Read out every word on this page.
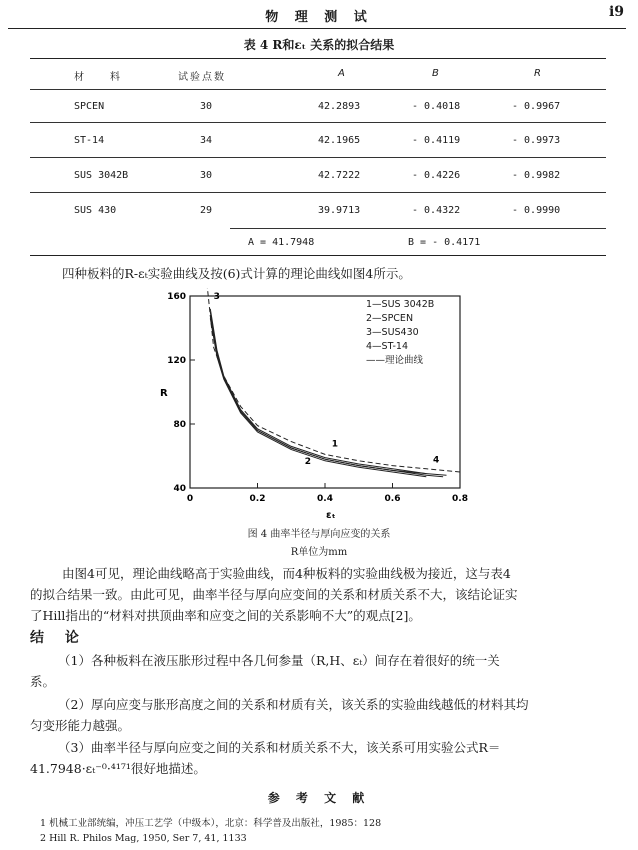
物 理 测 试	i9
表 4 R和εₜ 关系的拟合结果
材　料	试验点数	A	B	R
SPCEN	30	42.2893	- 0.4018	- 0.9967
ST-14	34	42.1965	- 0.4119	- 0.9973
SUS 3042B	30	42.7222	- 0.4226	- 0.9982
SUS 430	29	39.9713	- 0.4322	- 0.9990
A = 41.7948	B = - 0.4171
四种板料的R-εₜ实验曲线及按(6)式计算的理论曲线如图4所示。
0	0.2	0.4	0.6	0.8
40
80
120
160
1
2
3
4
R
εₜ
1—SUS 3042B
2—SPCEN
3—SUS430
4—ST-14
——理论曲线
图 4 曲率半径与厚向应变的关系
R单位为mm
由图4可见，理论曲线略高于实验曲线，而4种板料的实验曲线极为接近，这与表4
的拟合结果一致。由此可见，曲率半径与厚向应变间的关系和材质关系不大，该结论证实
了Hill指出的“材料对拱顶曲率和应变之间的关系影响不大”的观点[2]。
结 论
（1）各种板料在液压胀形过程中各几何参量（R,H、εₜ）间存在着很好的统一关
系。
（2）厚向应变与胀形高度之间的关系和材质有关，该关系的实验曲线越低的材料其均
匀变形能力越强。
（3）曲率半径与厚向应变之间的关系和材质关系不大，该关系可用实验公式R＝
41.7948·εₜ⁻⁰·⁴¹⁷¹很好地描述。
参 考 文 献
1 机械工业部统编，冲压工艺学（中级本），北京：科学普及出版社，1985：128
2 Hill R. Philos Mag, 1950, Ser 7, 41, 1133
